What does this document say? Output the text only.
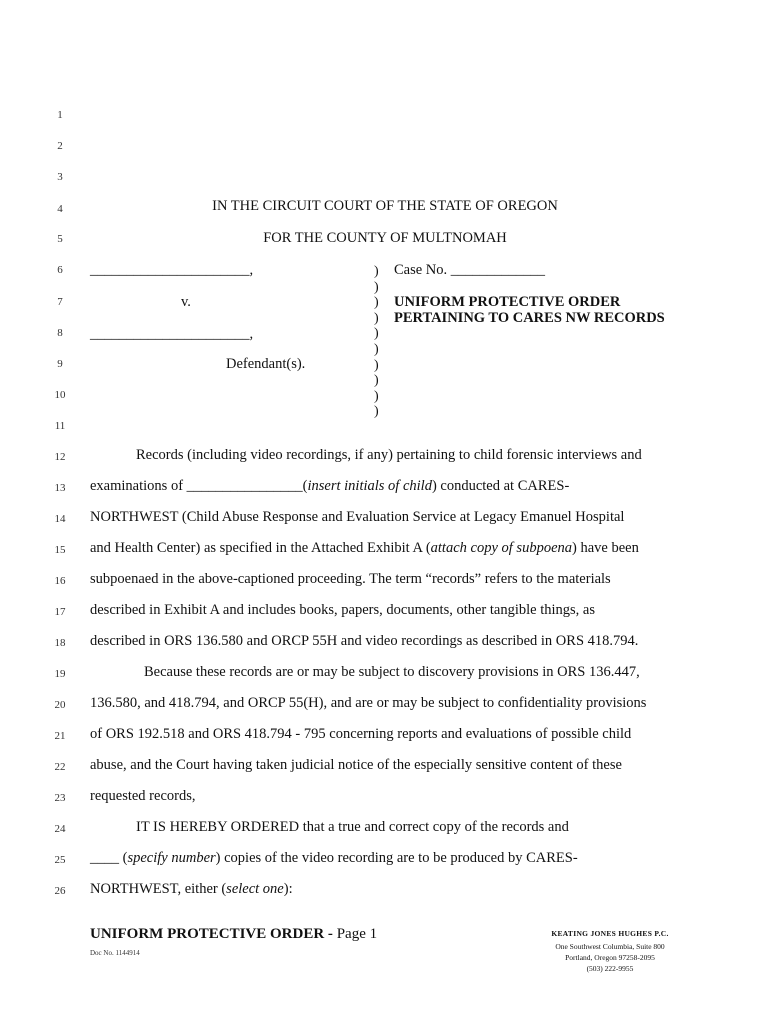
1
2
3
4
5
6
7
8
9
10
11
12
13
14
15
16
17
18
19
20
21
22
23
24
25
26
IN THE CIRCUIT COURT OF THE STATE OF OREGON
FOR THE COUNTY OF MULTNOMAH
______________________,
v.
______________________,
Defendant(s).
)
)
)
)
)
)
)
)
)
)
Case No. _____________
UNIFORM PROTECTIVE ORDER
PERTAINING TO CARES NW RECORDS
Records (including video recordings, if any) pertaining to child forensic interviews and
examinations of ________________(insert initials of child) conducted at CARES-
NORTHWEST (Child Abuse Response and Evaluation Service at Legacy Emanuel Hospital
and Health Center) as specified in the Attached Exhibit A (attach copy of subpoena) have been
subpoenaed in the above-captioned proceeding. The term “records” refers to the materials
described in Exhibit A and includes books, papers, documents, other tangible things, as
described in ORS 136.580 and ORCP 55H and video recordings as described in ORS 418.794.
Because these records are or may be subject to discovery provisions in ORS 136.447,
136.580, and 418.794, and ORCP 55(H), and are or may be subject to confidentiality provisions
of ORS 192.518 and ORS 418.794 - 795 concerning reports and evaluations of possible child
abuse, and the Court having taken judicial notice of the especially sensitive content of these
requested records,
IT IS HEREBY ORDERED that a true and correct copy of the records and
____ (specify number) copies of the video recording are to be produced by CARES-
NORTHWEST, either (select one):
UNIFORM PROTECTIVE ORDER - Page 1
Doc No. 1144914
KEATING JONES HUGHES P.C.
One Southwest Columbia, Suite 800
Portland, Oregon 97258-2095
(503) 222-9955
